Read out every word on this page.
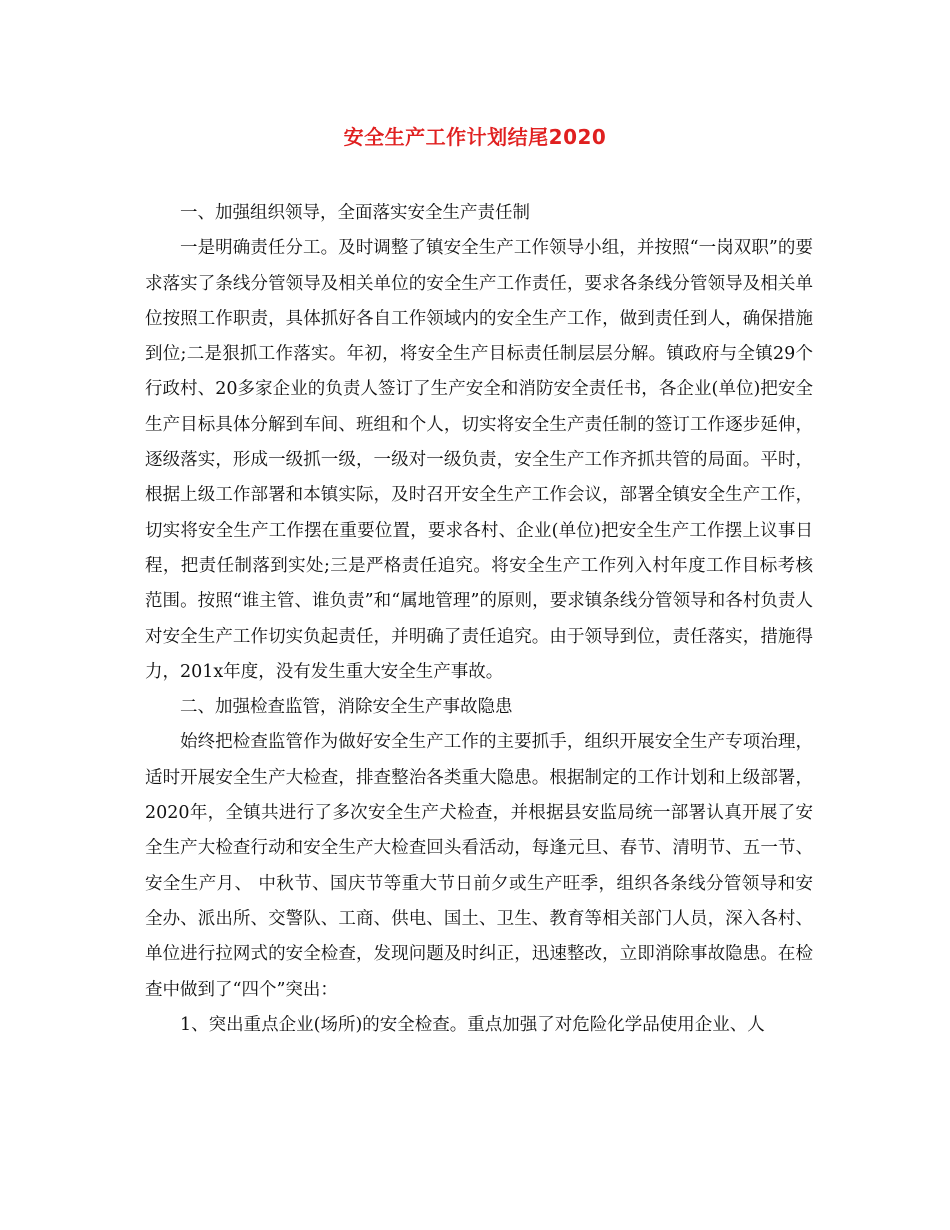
安全生产工作计划结尾2020

一、加强组织领导，全面落实安全生产责任制

一是明确责任分工。及时调整了镇安全生产工作领导小组，并按照“一岗双职”的要求落实了条线分管领导及相关单位的安全生产工作责任，要求各条线分管领导及相关单位按照工作职责，具体抓好各自工作领域内的安全生产工作，做到责任到人，确保措施到位;二是狠抓工作落实。年初，将安全生产目标责任制层层分解。镇政府与全镇29个行政村、20多家企业的负责人签订了生产安全和消防安全责任书，各企业(单位)把安全生产目标具体分解到车间、班组和个人，切实将安全生产责任制的签订工作逐步延伸，逐级落实，形成一级抓一级，一级对一级负责，安全生产工作齐抓共管的局面。平时，根据上级工作部署和本镇实际，及时召开安全生产工作会议，部署全镇安全生产工作，切实将安全生产工作摆在重要位置，要求各村、企业(单位)把安全生产工作摆上议事日程，把责任制落到实处;三是严格责任追究。将安全生产工作列入村年度工作目标考核范围。按照“谁主管、谁负责”和“属地管理”的原则，要求镇条线分管领导和各村负责人对安全生产工作切实负起责任，并明确了责任追究。由于领导到位，责任落实，措施得力，201x年度，没有发生重大安全生产事故。

二、加强检查监管，消除安全生产事故隐患

始终把检查监管作为做好安全生产工作的主要抓手，组织开展安全生产专项治理，适时开展安全生产大检查，排查整治各类重大隐患。根据制定的工作计划和上级部署，2020年，全镇共进行了多次安全生产犬检查，并根据县安监局统一部署认真开展了安全生产大检查行动和安全生产大检查回头看活动，每逢元旦、春节、清明节、五一节、安全生产月、 中秋节、国庆节等重大节日前夕或生产旺季，组织各条线分管领导和安全办、派出所、交警队、工商、供电、国土、卫生、教育等相关部门人员，深入各村、单位进行拉网式的安全检查，发现问题及时纠正，迅速整改，立即消除事故隐患。在检查中做到了“四个”突出：

1、突出重点企业(场所)的安全检查。重点加强了对危险化学品使用企业、人
